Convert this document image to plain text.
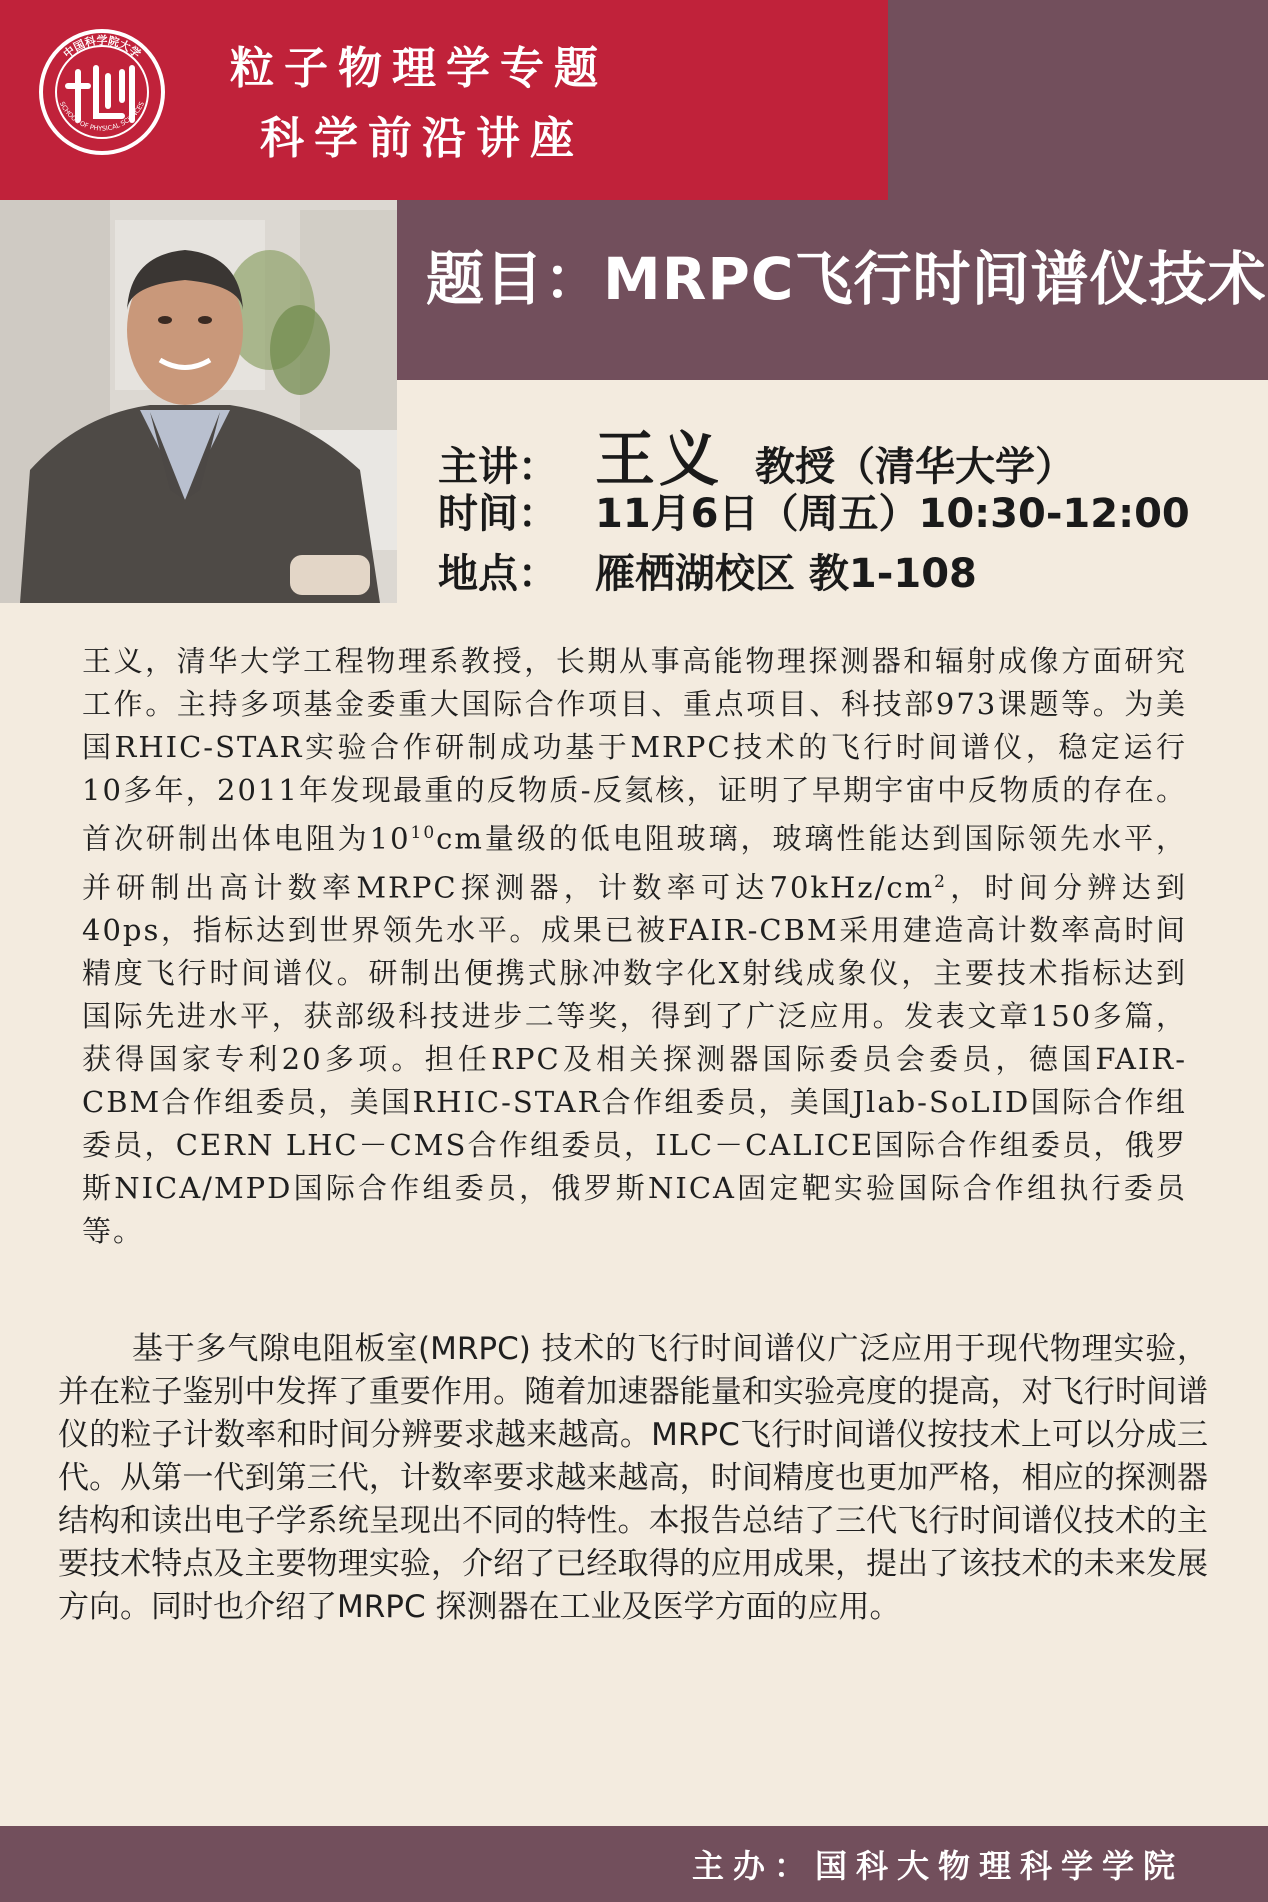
中国科学院大学
SCHOOL OF PHYSICAL SCIENCES
粒子物理学专题
科学前沿讲座
题目：MRPC飞行时间谱仪技术
主讲： 王义 教授（清华大学）
时间： 11月6日（周五）10:30-12:00
地点： 雁栖湖校区 教1-108
王义，清华大学工程物理系教授，长期从事高能物理探测器和辐射成像方面研究工作。主持多项基金委重大国际合作项目、重点项目、科技部973课题等。为美国RHIC-STAR实验合作研制成功基于MRPC技术的飞行时间谱仪，稳定运行10多年，2011年发现最重的反物质-反氦核，证明了早期宇宙中反物质的存在。首次研制出体电阻为$10^{10}cm$量级的低电阻玻璃，玻璃性能达到国际领先水平，并研制出高计数率MRPC探测器，计数率可达$70kHz/cm^2$，时间分辨达到40ps，指标达到世界领先水平。成果已被FAIR-CBM采用建造高计数率高时间精度飞行时间谱仪。研制出便携式脉冲数字化X射线成象仪，主要技术指标达到国际先进水平，获部级科技进步二等奖，得到了广泛应用。发表文章150多篇，获得国家专利20多项。担任RPC及相关探测器国际委员会委员，德国FAIR-CBM合作组委员，美国RHIC-STAR合作组委员，美国Jlab-SoLID国际合作组委员，CERN LHC－CMS合作组委员，ILC－CALICE国际合作组委员，俄罗斯NICA/MPD国际合作组委员，俄罗斯NICA固定靶实验国际合作组执行委员等。
基于多气隙电阻板室(MRPC) 技术的飞行时间谱仪广泛应用于现代物理实验，并在粒子鉴别中发挥了重要作用。随着加速器能量和实验亮度的提高，对飞行时间谱仪的粒子计数率和时间分辨要求越来越高。MRPC飞行时间谱仪按技术上可以分成三代。从第一代到第三代，计数率要求越来越高，时间精度也更加严格，相应的探测器结构和读出电子学系统呈现出不同的特性。本报告总结了三代飞行时间谱仪技术的主要技术特点及主要物理实验，介绍了已经取得的应用成果，提出了该技术的未来发展方向。同时也介绍了MRPC 探测器在工业及医学方面的应用。
主办：国科大物理科学学院
